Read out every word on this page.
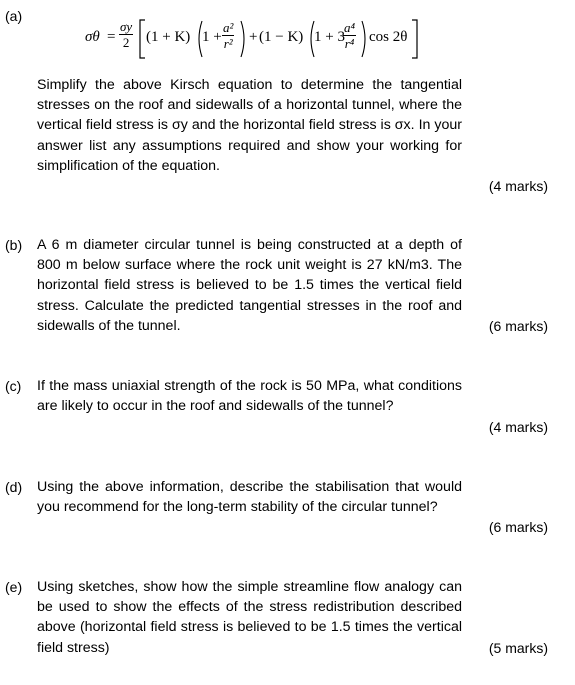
(a)
$\sigma\theta = \frac{\sigma y}{2} (1 + K) 1 + \frac{\text{a²}}{\text{r²}} + (1 - K) 1 + 3$
$\frac{\text{a⁴}}{\text{r⁴}}$ cos 2θ
Simplify the above Kirsch equation to determine the tangential stresses on the roof and sidewalls of a horizontal tunnel, where the vertical field stress is σy and the horizontal field stress is σx. In your answer list any assumptions required and show your working for simplification of the equation.
(4 marks)
(b) A 6 m diameter circular tunnel is being constructed at a depth of 800 m below surface where the rock unit weight is 27 kN/m3. The horizontal field stress is believed to be 1.5 times the vertical field stress. Calculate the predicted tangential stresses in the roof and sidewalls of the tunnel.	(6 marks)
(c) If the mass uniaxial strength of the rock is 50 MPa, what conditions are likely to occur in the roof and sidewalls of the tunnel?
(4 marks)
(d) Using the above information, describe the stabilisation that would you recommend for the long-term stability of the circular tunnel?
(6 marks)
(e) Using sketches, show how the simple streamline flow analogy can be used to show the effects of the stress redistribution described above (horizontal field stress is believed to be 1.5 times the vertical field stress)	(5 marks)
